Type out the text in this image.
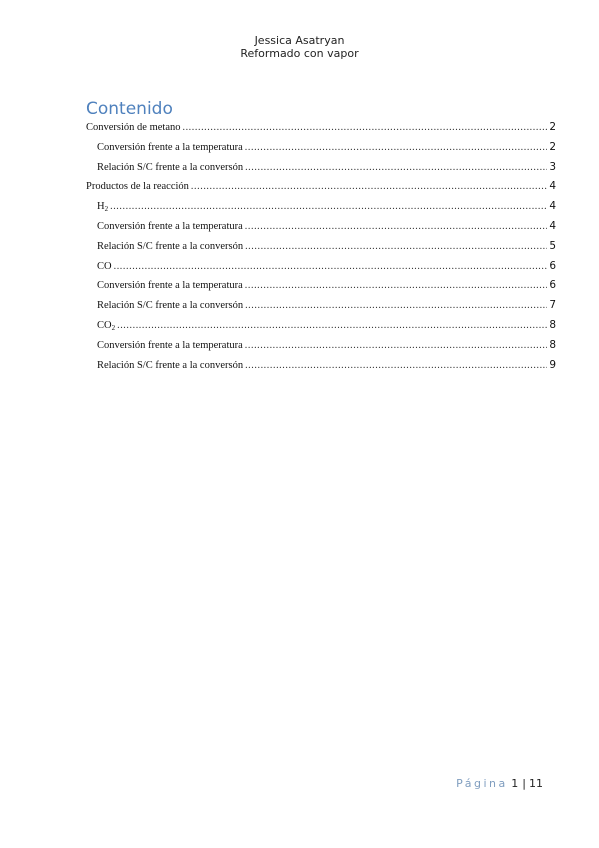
Jessica Asatryan
Reformado con vapor
Contenido
Conversión de metano .....	2
Conversión frente a la temperatura .....	2
Relación S/C frente a la conversón .....	3
Productos de la reacción .....	4
$H_2$ .....	4
Conversión frente a la temperatura .....	4
Relación S/C frente a la conversón .....	5
CO .....	6
Conversión frente a la temperatura .....	6
Relación S/C frente a la conversón .....	7
$CO_2$ .....	8
Conversión frente a la temperatura .....	8
Relación S/C frente a la conversón .....	9
Página 1 | 11
